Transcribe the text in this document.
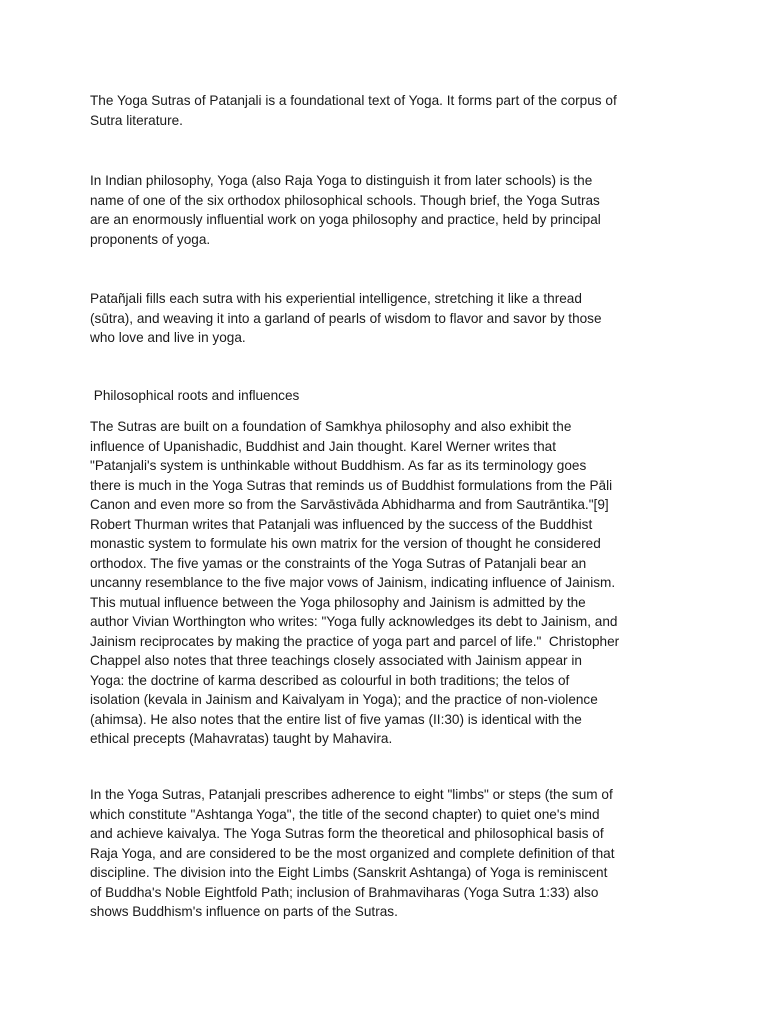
The Yoga Sutras of Patanjali is a foundational text of Yoga. It forms part of the corpus of
Sutra literature.

In Indian philosophy, Yoga (also Raja Yoga to distinguish it from later schools) is the
name of one of the six orthodox philosophical schools. Though brief, the Yoga Sutras
are an enormously influential work on yoga philosophy and practice, held by principal
proponents of yoga.

Patañjali fills each sutra with his experiential intelligence, stretching it like a thread
(sūtra), and weaving it into a garland of pearls of wisdom to flavor and savor by those
who love and live in yoga.

Philosophical roots and influences

The Sutras are built on a foundation of Samkhya philosophy and also exhibit the
influence of Upanishadic, Buddhist and Jain thought. Karel Werner writes that
"Patanjali's system is unthinkable without Buddhism. As far as its terminology goes
there is much in the Yoga Sutras that reminds us of Buddhist formulations from the Pāli
Canon and even more so from the Sarvāstivāda Abhidharma and from Sautrāntika."[9]
Robert Thurman writes that Patanjali was influenced by the success of the Buddhist
monastic system to formulate his own matrix for the version of thought he considered
orthodox. The five yamas or the constraints of the Yoga Sutras of Patanjali bear an
uncanny resemblance to the five major vows of Jainism, indicating influence of Jainism.
This mutual influence between the Yoga philosophy and Jainism is admitted by the
author Vivian Worthington who writes: "Yoga fully acknowledges its debt to Jainism, and
Jainism reciprocates by making the practice of yoga part and parcel of life."  Christopher
Chappel also notes that three teachings closely associated with Jainism appear in
Yoga: the doctrine of karma described as colourful in both traditions; the telos of
isolation (kevala in Jainism and Kaivalyam in Yoga); and the practice of non-violence
(ahimsa). He also notes that the entire list of five yamas (II:30) is identical with the
ethical precepts (Mahavratas) taught by Mahavira.

In the Yoga Sutras, Patanjali prescribes adherence to eight "limbs" or steps (the sum of
which constitute "Ashtanga Yoga", the title of the second chapter) to quiet one's mind
and achieve kaivalya. The Yoga Sutras form the theoretical and philosophical basis of
Raja Yoga, and are considered to be the most organized and complete definition of that
discipline. The division into the Eight Limbs (Sanskrit Ashtanga) of Yoga is reminiscent
of Buddha's Noble Eightfold Path; inclusion of Brahmaviharas (Yoga Sutra 1:33) also
shows Buddhism's influence on parts of the Sutras.
